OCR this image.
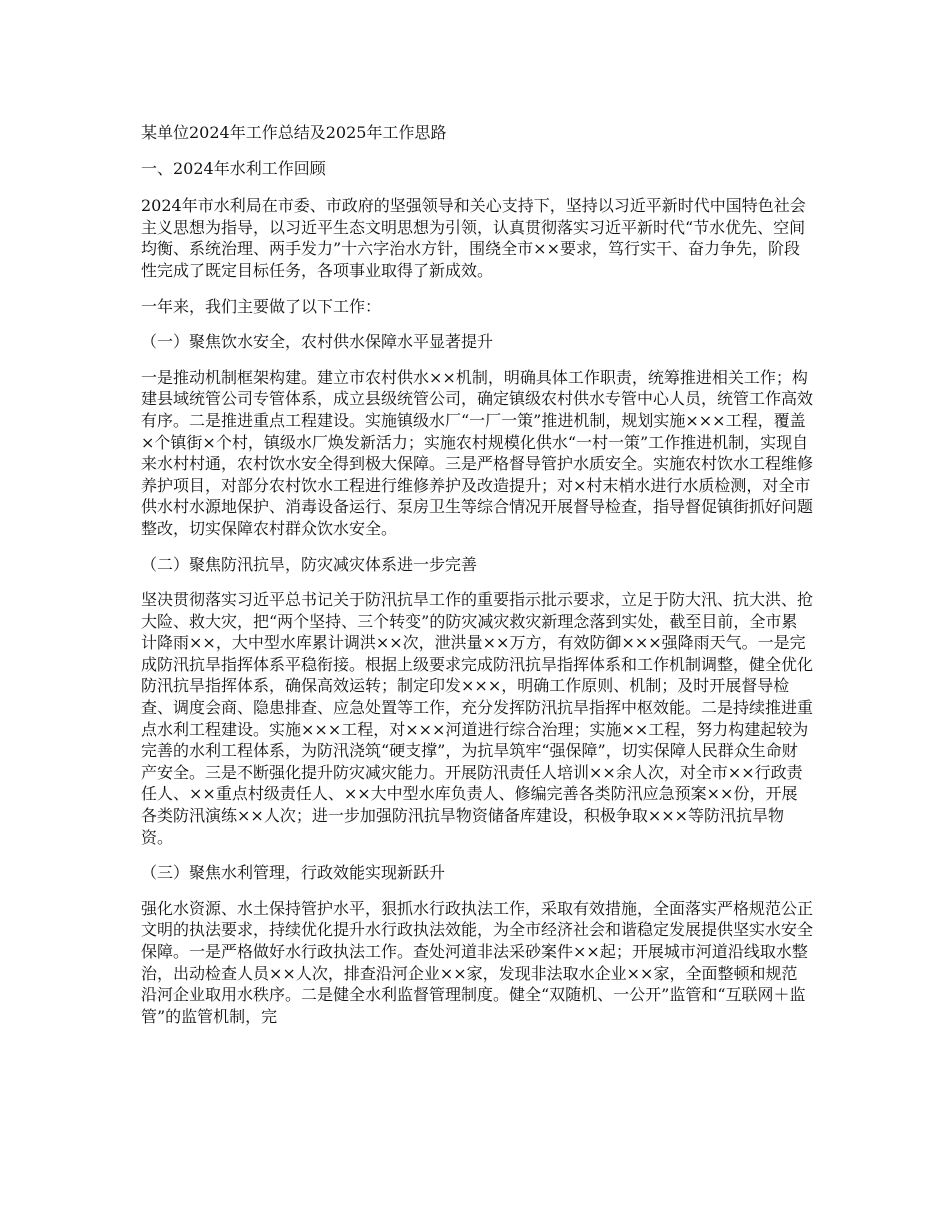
某单位2024年工作总结及2025年工作思路

一、2024年水利工作回顾

2024年市水利局在市委、市政府的坚强领导和关心支持下，坚持以习近平新时代中国特色社会主义思想为指导，以习近平生态文明思想为引领，认真贯彻落实习近平新时代“节水优先、空间均衡、系统治理、两手发力”十六字治水方针，围绕全市××要求，笃行实干、奋力争先，阶段性完成了既定目标任务，各项事业取得了新成效。

一年来，我们主要做了以下工作：

（一）聚焦饮水安全，农村供水保障水平显著提升

一是推动机制框架构建。建立市农村供水××机制，明确具体工作职责，统筹推进相关工作；构建县域统管公司专管体系，成立县级统管公司，确定镇级农村供水专管中心人员，统管工作高效有序。二是推进重点工程建设。实施镇级水厂“一厂一策”推进机制，规划实施×××工程，覆盖×个镇街×个村，镇级水厂焕发新活力；实施农村规模化供水“一村一策”工作推进机制，实现自来水村村通，农村饮水安全得到极大保障。三是严格督导管护水质安全。实施农村饮水工程维修养护项目，对部分农村饮水工程进行维修养护及改造提升；对×村末梢水进行水质检测，对全市供水村水源地保护、消毒设备运行、泵房卫生等综合情况开展督导检查，指导督促镇街抓好问题整改，切实保障农村群众饮水安全。

（二）聚焦防汛抗旱，防灾减灾体系进一步完善

坚决贯彻落实习近平总书记关于防汛抗旱工作的重要指示批示要求，立足于防大汛、抗大洪、抢大险、救大灾，把“两个坚持、三个转变”的防灾减灾救灾新理念落到实处，截至目前，全市累计降雨××，大中型水库累计调洪××次，泄洪量××万方，有效防御×××强降雨天气。一是完成防汛抗旱指挥体系平稳衔接。根据上级要求完成防汛抗旱指挥体系和工作机制调整，健全优化防汛抗旱指挥体系，确保高效运转；制定印发×××，明确工作原则、机制；及时开展督导检查、调度会商、隐患排查、应急处置等工作，充分发挥防汛抗旱指挥中枢效能。二是持续推进重点水利工程建设。实施×××工程，对×××河道进行综合治理；实施××工程，努力构建起较为完善的水利工程体系，为防汛浇筑“硬支撑”，为抗旱筑牢“强保障”，切实保障人民群众生命财产安全。三是不断强化提升防灾减灾能力。开展防汛责任人培训××余人次，对全市××行政责任人、××重点村级责任人、××大中型水库负责人、修编完善各类防汛应急预案××份，开展各类防汛演练××人次；进一步加强防汛抗旱物资储备库建设，积极争取×××等防汛抗旱物资。

（三）聚焦水利管理，行政效能实现新跃升

强化水资源、水土保持管护水平，狠抓水行政执法工作，采取有效措施，全面落实严格规范公正文明的执法要求，持续优化提升水行政执法效能，为全市经济社会和谐稳定发展提供坚实水安全保障。一是严格做好水行政执法工作。查处河道非法采砂案件××起；开展城市河道沿线取水整治，出动检查人员××人次，排查沿河企业××家，发现非法取水企业××家，全面整顿和规范沿河企业取用水秩序。二是健全水利监督管理制度。健全“双随机、一公开”监管和“互联网＋监管”的监管机制，完
